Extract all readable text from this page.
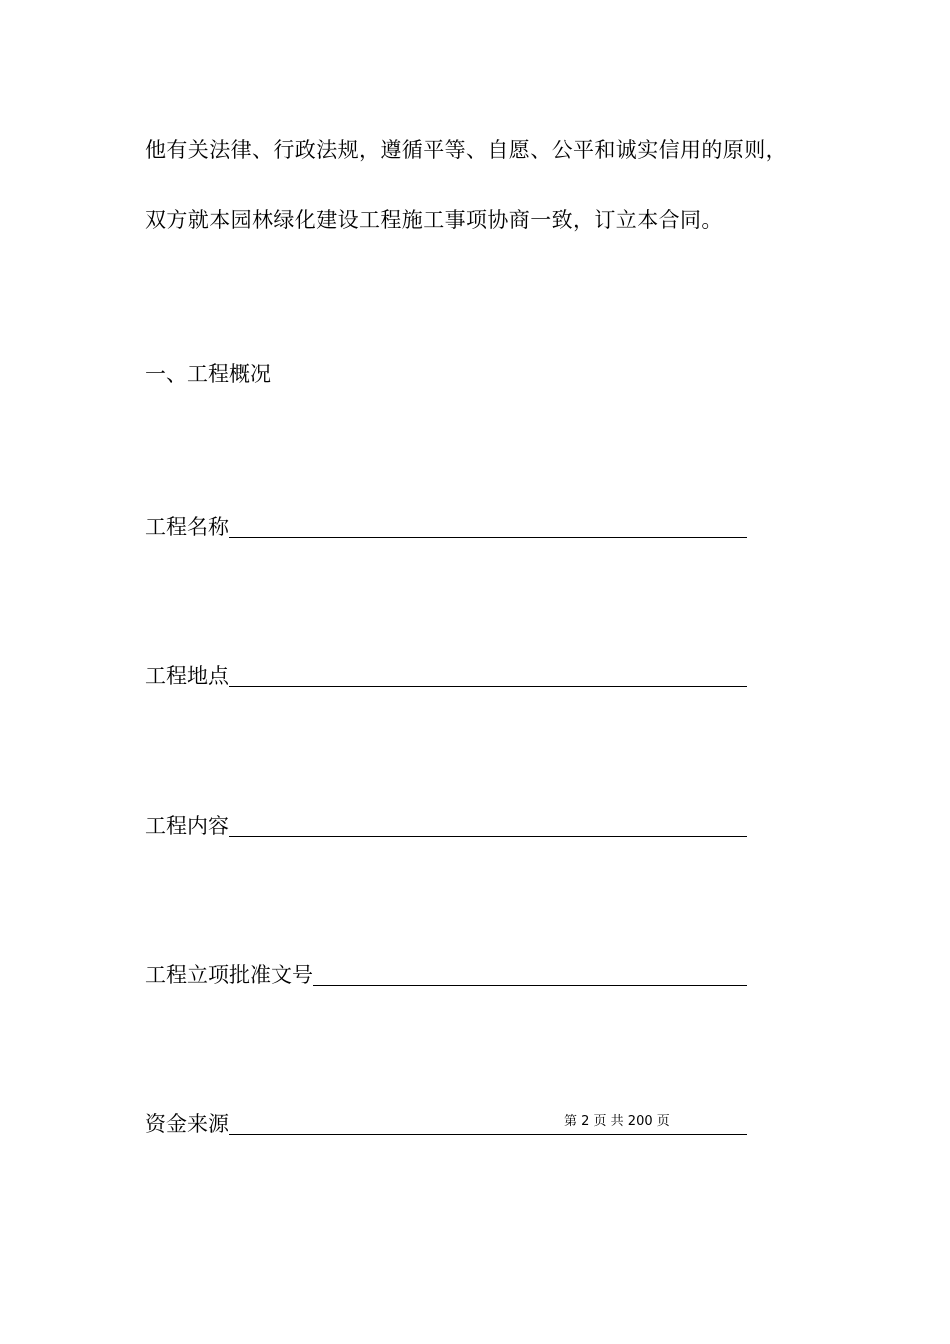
他有关法律、行政法规，遵循平等、自愿、公平和诚实信用的原则，

双方就本园林绿化建设工程施工事项协商一致，订立本合同。

一、工程概况
工程名称
工程地点
工程内容
工程立项批准文号
资金来源	第 2 页 共 200 页
